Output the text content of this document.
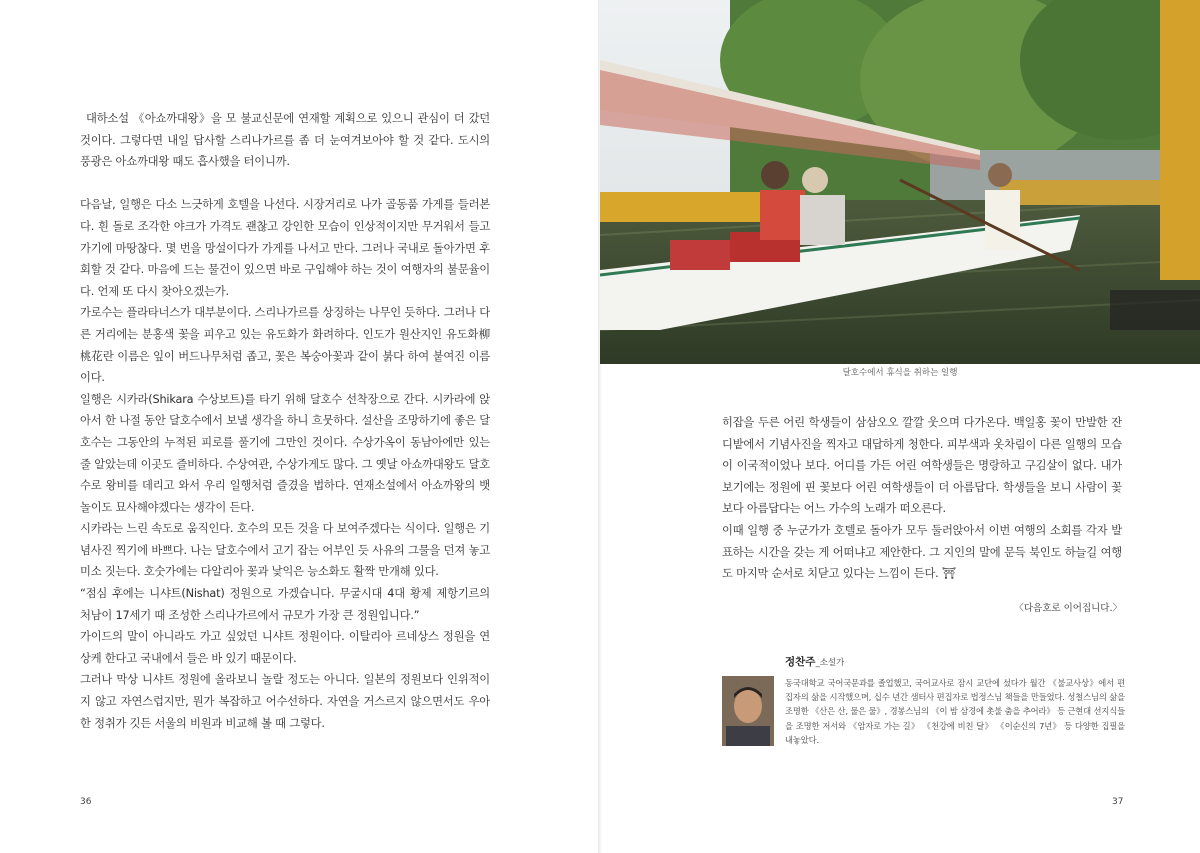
대하소설 《아쇼까대왕》을 모 불교신문에 연재할 계획으로 있으니 관심이 더 갔던 것이다. 그렇다면 내일 답사할 스리나가르를 좀 더 눈여겨보아야 할 것 같다. 도시의 풍광은 아쇼까대왕 때도 흡사했을 터이니까.

다음날, 일행은 다소 느긋하게 호텔을 나선다. 시장거리로 나가 골동품 가게를 들러본다. 흰 돌로 조각한 야크가 가격도 괜찮고 강인한 모습이 인상적이지만 무거워서 들고 가기에 마땅찮다. 몇 번을 망설이다가 가게를 나서고 만다. 그러나 국내로 돌아가면 후회할 것 같다. 마음에 드는 물건이 있으면 바로 구입해야 하는 것이 여행자의 불문율이다. 언제 또 다시 찾아오겠는가.

가로수는 플라타너스가 대부분이다. 스리나가르를 상징하는 나무인 듯하다. 그러나 다른 거리에는 분홍색 꽃을 피우고 있는 유도화가 화려하다. 인도가 원산지인 유도화柳桃花란 이름은 잎이 버드나무처럼 좁고, 꽃은 복숭아꽃과 같이 붉다 하여 붙여진 이름이다.

일행은 시카라(Shikara 수상보트)를 타기 위해 달호수 선착장으로 간다. 시카라에 앉아서 한 나절 동안 달호수에서 보낼 생각을 하니 흐뭇하다. 설산을 조망하기에 좋은 달호수는 그동안의 누적된 피로를 풀기에 그만인 것이다. 수상가옥이 동남아에만 있는 줄 알았는데 이곳도 즐비하다. 수상여관, 수상가게도 많다. 그 옛날 아쇼까대왕도 달호수로 왕비를 데리고 와서 우리 일행처럼 즐겼을 법하다. 연재소설에서 아쇼까왕의 뱃놀이도 묘사해야겠다는 생각이 든다.

시카라는 느린 속도로 움직인다. 호수의 모든 것을 다 보여주겠다는 식이다. 일행은 기념사진 찍기에 바쁘다. 나는 달호수에서 고기 잡는 어부인 듯 사유의 그물을 던져 놓고 미소 짓는다. 호숫가에는 다알리아 꽃과 낯익은 능소화도 활짝 만개해 있다.

“점심 후에는 니샤트(Nishat) 정원으로 가겠습니다. 무굴시대 4대 황제 제항기르의 처남이 17세기 때 조성한 스리나가르에서 규모가 가장 큰 정원입니다.”

가이드의 말이 아니라도 가고 싶었던 니샤트 정원이다. 이탈리아 르네상스 정원을 연상케 한다고 국내에서 들은 바 있기 때문이다.

그러나 막상 니샤트 정원에 올라보니 놀랄 정도는 아니다. 일본의 정원보다 인위적이지 않고 자연스럽지만, 뭔가 복잡하고 어수선하다. 자연을 거스르지 않으면서도 우아한 정취가 깃든 서울의 비원과 비교해 볼 때 그렇다.

36
달호수에서 휴식을 취하는 일행

히잡을 두른 어린 학생들이 삼삼오오 깔깔 웃으며 다가온다. 백일홍 꽃이 만발한 잔디밭에서 기념사진을 찍자고 대답하게 청한다. 피부색과 옷차림이 다른 일행의 모습이 이국적이었나 보다. 어디를 가든 어린 여학생들은 명랑하고 구김살이 없다. 내가 보기에는 정원에 핀 꽃보다 어린 여학생들이 더 아름답다. 학생들을 보니 사람이 꽃보다 아름답다는 어느 가수의 노래가 떠오른다.

이때 일행 중 누군가가 호텔로 돌아가 모두 둘러앉아서 이번 여행의 소회를 각자 발표하는 시간을 갖는 게 어떠냐고 제안한다. 그 지인의 말에 문득 북인도 하늘길 여행도 마지막 순서로 치닫고 있다는 느낌이 든다. ⛩

〈다음호로 이어집니다.〉
정찬주_소설가
동국대학교 국어국문과를 졸업했고, 국어교사로 잠시 교단에 섰다가 월간 《불교사상》에서 편집자의 삶을 시작했으며, 십수 년간 샘터사 편집자로 법정스님 책들을 만들었다. 성철스님의 삶을 조명한 《산은 산, 물은 물》, 경봉스님의 《이 밤 삼경에 촛불 춤을 추어라》 등 근현대 선지식들을 조명한 저서와 《암자로 가는 길》 《천강에 비친 달》 《이순신의 7년》 등 다양한 집필을 내놓았다.
37
